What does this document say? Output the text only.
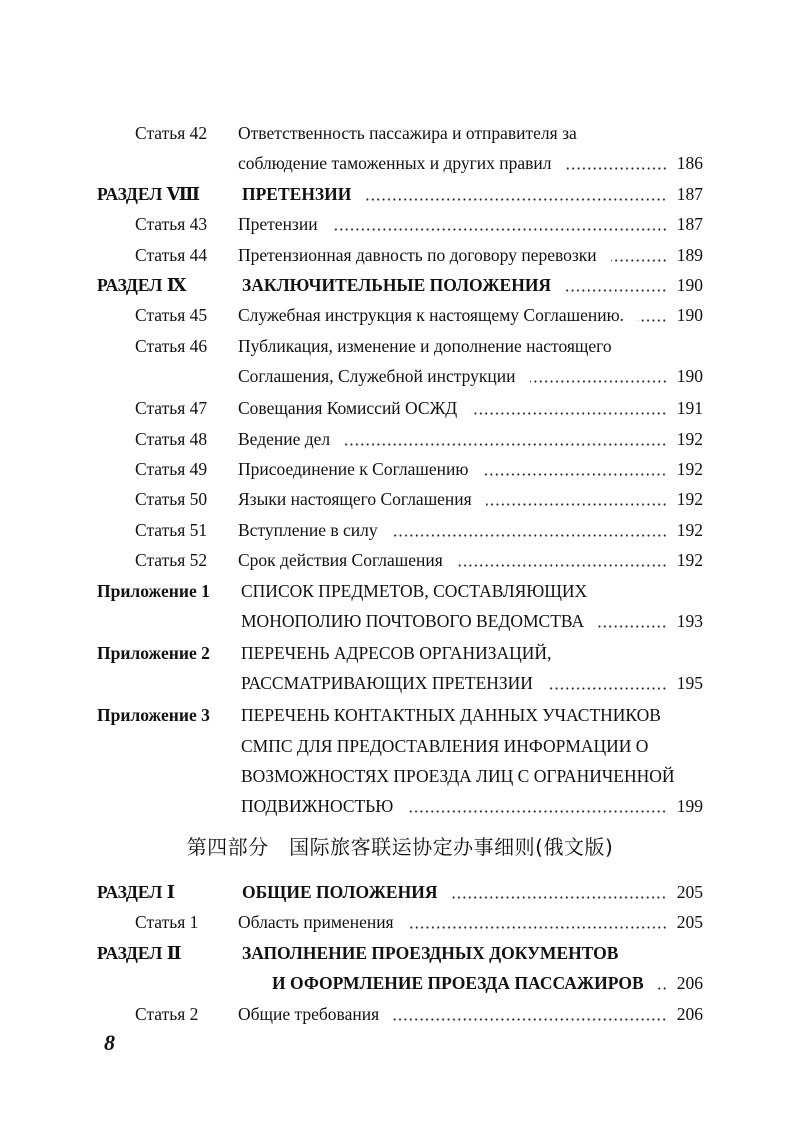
第四部分　国际旅客联运协定办事细则(俄文版)
8
Статья 42 Ответственность пассажира и отправителя за
соблюдение таможенных и других правил	186
РАЗДЕЛ Ⅷ ПРЕТЕНЗИИ	187
Статья 43 Претензии	187
Статья 44 Претензионная давность по договору перевозки	189
РАЗДЕЛ Ⅸ	ЗАКЛЮЧИТЕЛЬНЫЕ ПОЛОЖЕНИЯ	190
Статья 45 Служебная инструкция к настоящему Соглашению.	190
Статья 46 Публикация, изменение и дополнение настоящего
Соглашения, Служебной инструкции	190
Статья 47 Совещания Комиссий ОСЖД	191
Статья 48 Ведение дел	192
Статья 49 Присоединение к Соглашению	192
Статья 50 Языки настоящего Соглашения	192
Статья 51 Вступление в силу	192
Статья 52 Срок действия Соглашения	192
Приложение 1 СПИСОК ПРЕДМЕТОВ, СОСТАВЛЯЮЩИХ
МОНОПОЛИЮ ПОЧТОВОГО ВЕДОМСТВА	193
Приложение 2 ПЕРЕЧЕНЬ АДРЕСОВ ОРГАНИЗАЦИЙ,
РАССМАТРИВАЮЩИХ ПРЕТЕНЗИИ	195
Приложение 3 ПЕРЕЧЕНЬ КОНТАКТНЫХ ДАННЫХ УЧАСТНИКОВ
СМПС ДЛЯ ПРЕДОСТАВЛЕНИЯ ИНФОРМАЦИИ О
ВОЗМОЖНОСТЯХ ПРОЕЗДА ЛИЦ С ОГРАНИЧЕННОЙ
ПОДВИЖНОСТЬЮ	199
РАЗДЕЛ Ⅰ	ОБЩИЕ ПОЛОЖЕНИЯ	205
Статья 1 Область применения	205
РАЗДЕЛ Ⅱ	ЗАПОЛНЕНИЕ ПРОЕЗДНЫХ ДОКУМЕНТОВ
И ОФОРМЛЕНИЕ ПРОЕЗДА ПАССАЖИРОВ 206
Статья 2 Общие требования	206
